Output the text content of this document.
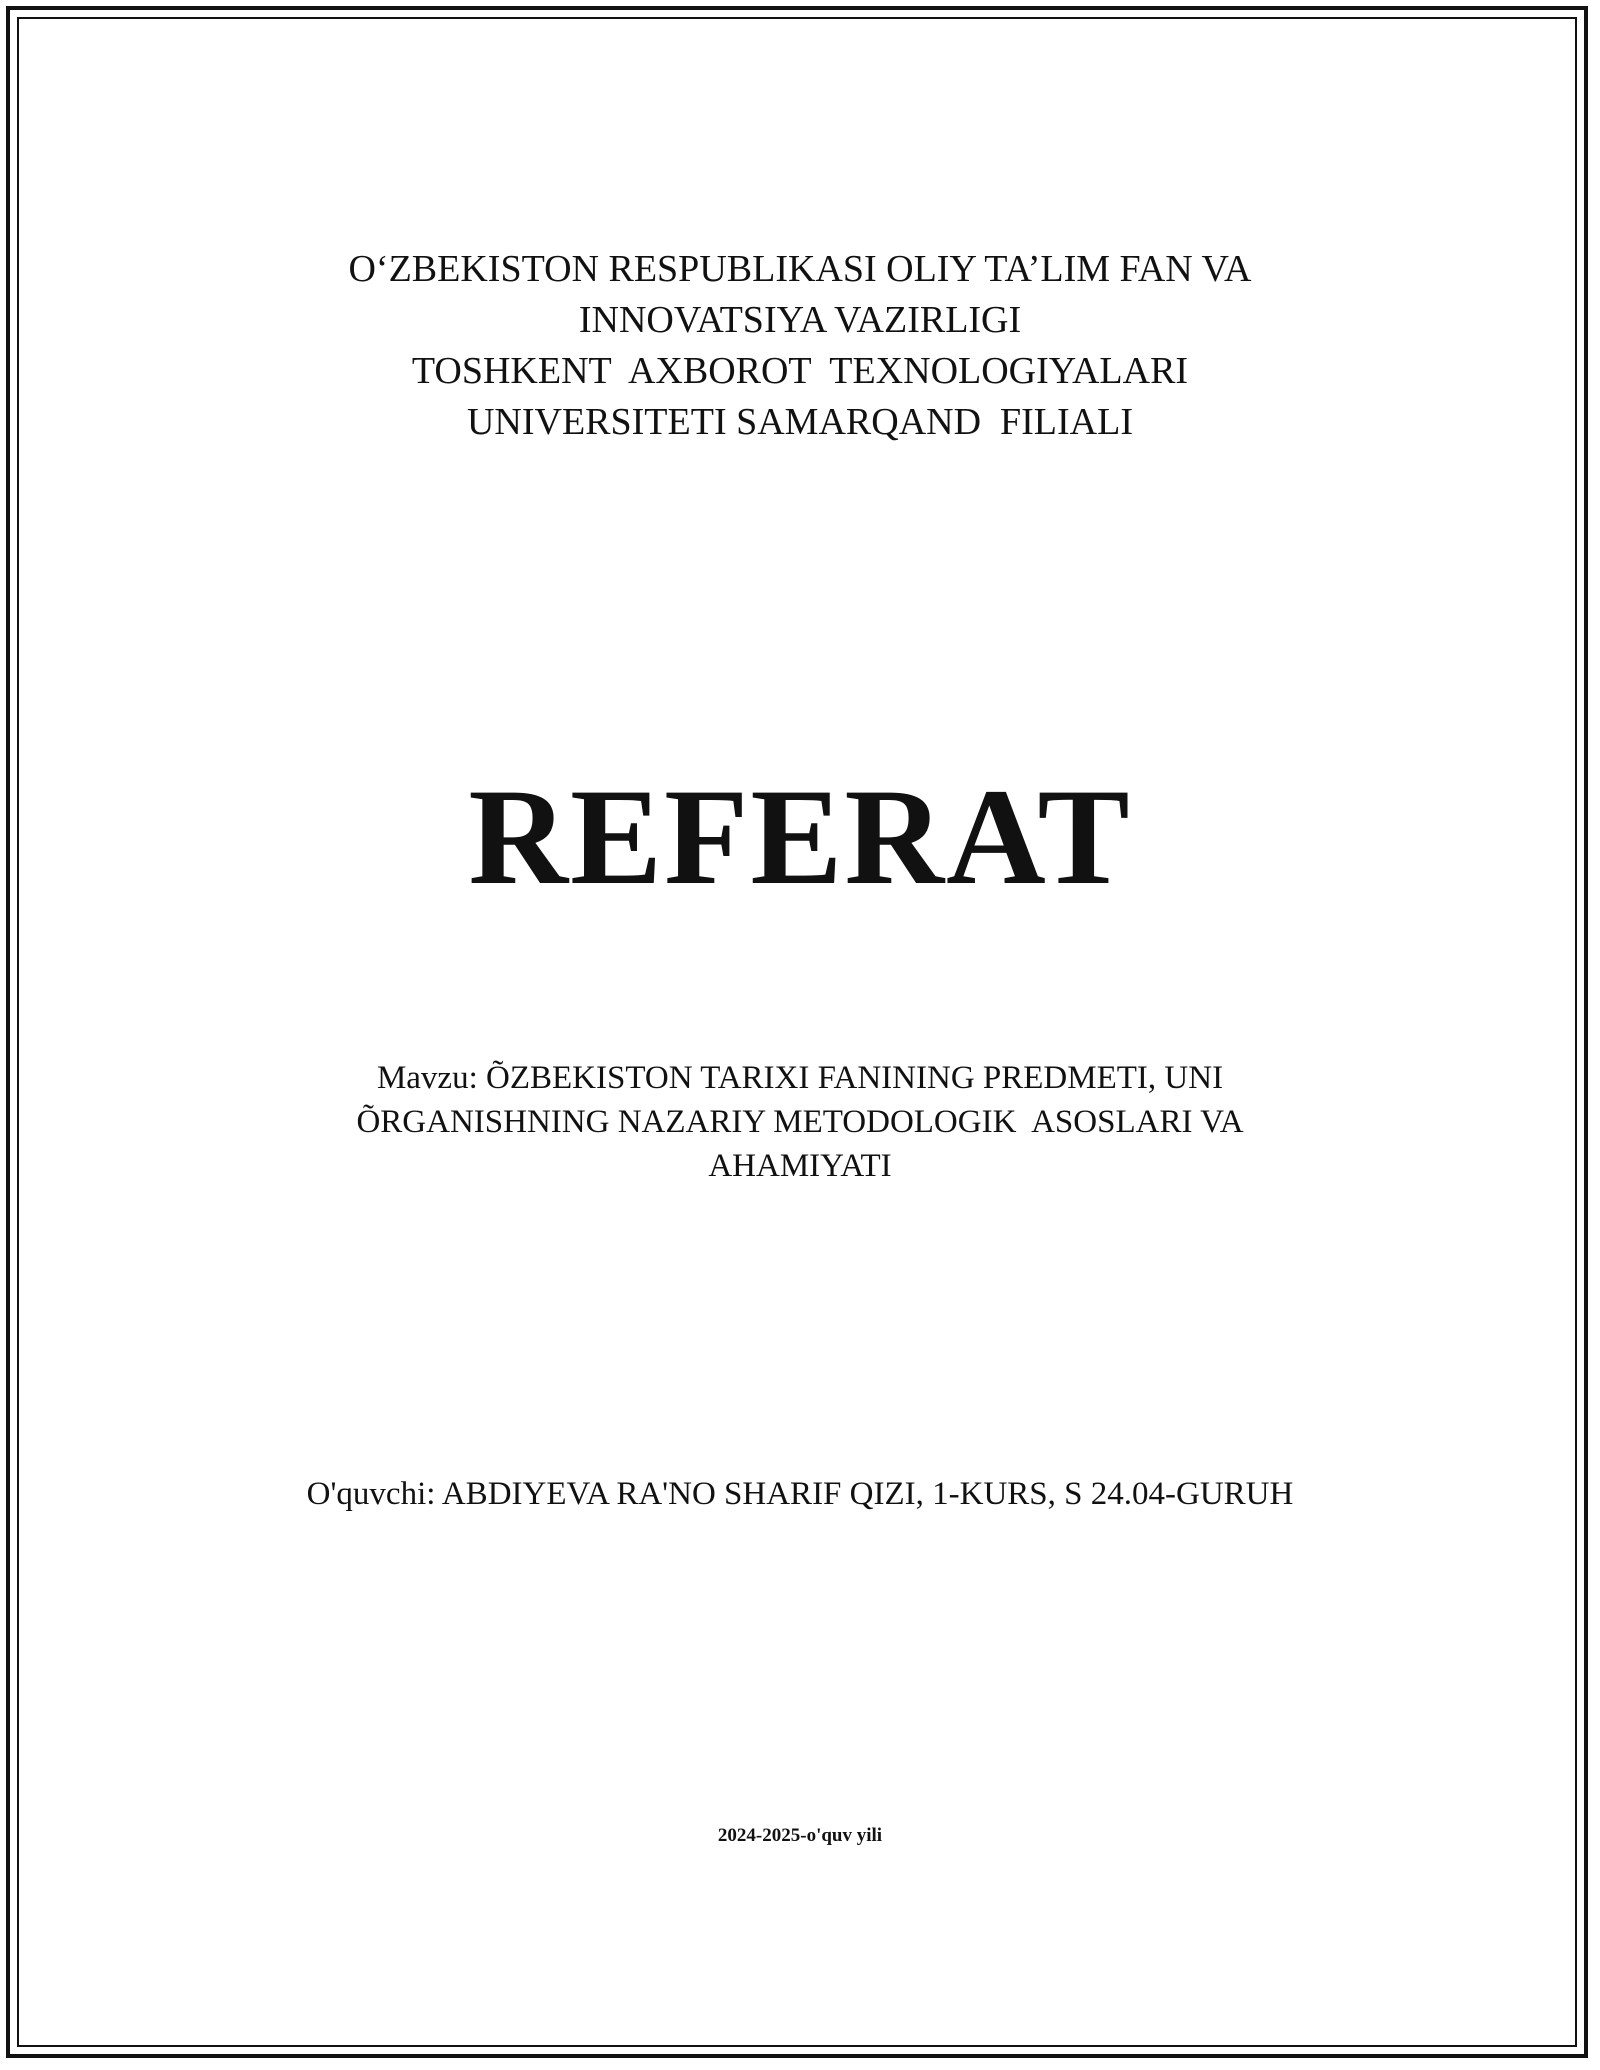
O‘ZBEKISTON RESPUBLIKASI OLIY TA’LIM FAN VA
INNOVATSIYA VAZIRLIGI
TOSHKENT  AXBOROT  TEXNOLOGIYALARI
UNIVERSITETI SAMARQAND  FILIALI
REFERAT
Mavzu: ÕZBEKISTON TARIXI FANINING PREDMETI, UNI
ÕRGANISHNING NAZARIY METODOLOGIK  ASOSLARI VA
AHAMIYATI
O'quvchi: ABDIYEVA RA'NO SHARIF QIZI, 1-KURS, S 24.04-GURUH
2024-2025-o'quv yili
